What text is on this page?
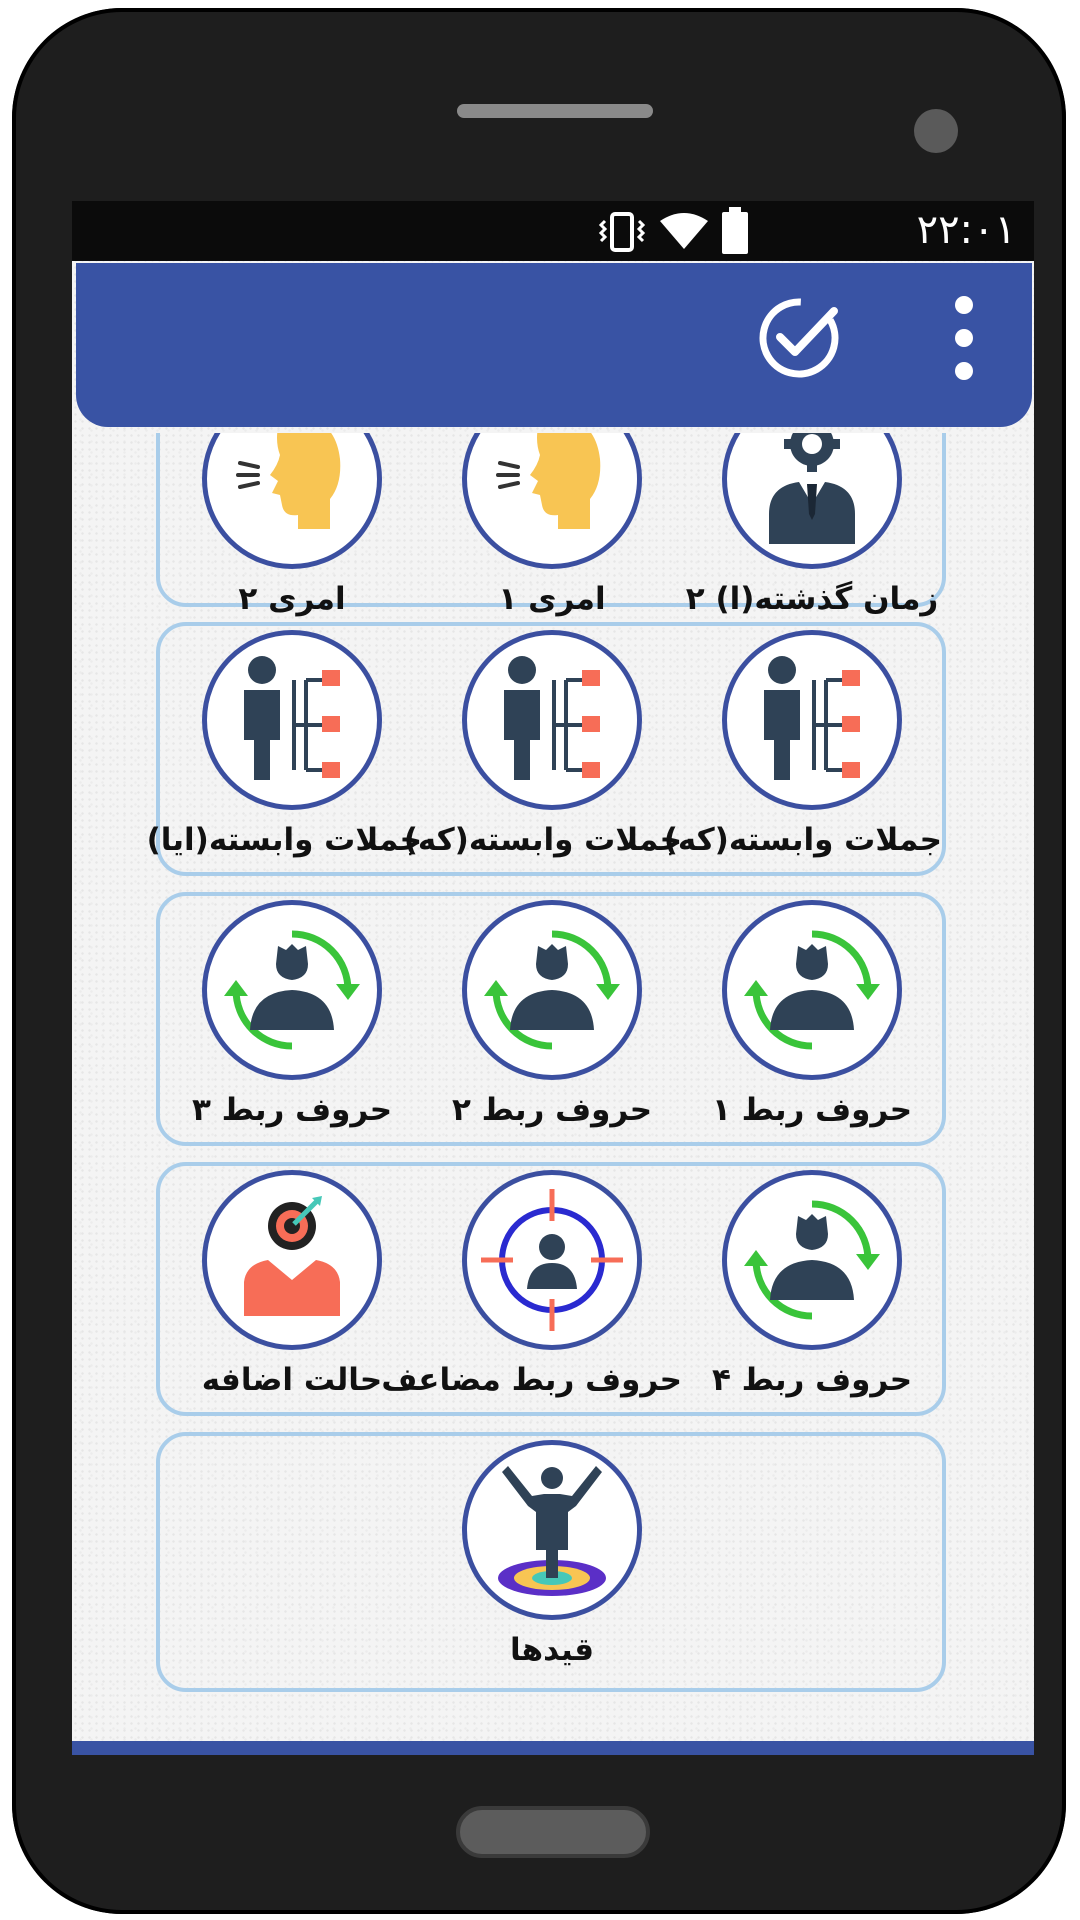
۲۲:۰۱
زمان گذشته(ا) ۲
امری ۱
امری ۲
جملات وابسته(که)
جملات وابسته(که)
جملات وابسته(ایا)
حروف ربط ۱
حروف ربط ۲
حروف ربط ۳
حروف ربط ۴
حروف ربط مضاعف
حالت اضافه
قیدها
